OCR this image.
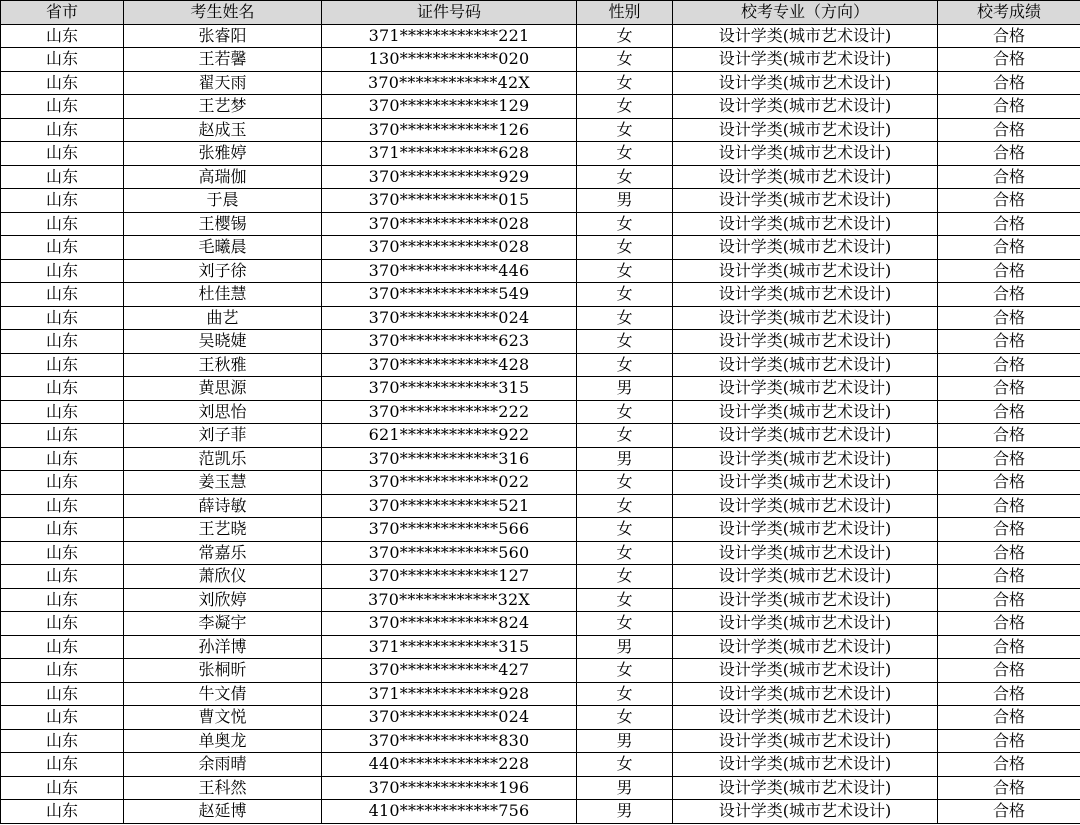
省市	考生姓名	证件号码	性别	校考专业（方向）	校考成绩
山东	张睿阳	371************221	女	设计学类(城市艺术设计)	合格
山东	王若馨	130************020	女	设计学类(城市艺术设计)	合格
山东	翟天雨	370************42X	女	设计学类(城市艺术设计)	合格
山东	王艺梦	370************129	女	设计学类(城市艺术设计)	合格
山东	赵成玉	370************126	女	设计学类(城市艺术设计)	合格
山东	张雅婷	371************628	女	设计学类(城市艺术设计)	合格
山东	高瑞伽	370************929	女	设计学类(城市艺术设计)	合格
山东	于晨	370************015	男	设计学类(城市艺术设计)	合格
山东	王樱锡	370************028	女	设计学类(城市艺术设计)	合格
山东	毛曦晨	370************028	女	设计学类(城市艺术设计)	合格
山东	刘子徐	370************446	女	设计学类(城市艺术设计)	合格
山东	杜佳慧	370************549	女	设计学类(城市艺术设计)	合格
山东	曲艺	370************024	女	设计学类(城市艺术设计)	合格
山东	吴晓婕	370************623	女	设计学类(城市艺术设计)	合格
山东	王秋雅	370************428	女	设计学类(城市艺术设计)	合格
山东	黄思源	370************315	男	设计学类(城市艺术设计)	合格
山东	刘思怡	370************222	女	设计学类(城市艺术设计)	合格
山东	刘子菲	621************922	女	设计学类(城市艺术设计)	合格
山东	范凯乐	370************316	男	设计学类(城市艺术设计)	合格
山东	姜玉慧	370************022	女	设计学类(城市艺术设计)	合格
山东	薛诗敏	370************521	女	设计学类(城市艺术设计)	合格
山东	王艺晓	370************566	女	设计学类(城市艺术设计)	合格
山东	常嘉乐	370************560	女	设计学类(城市艺术设计)	合格
山东	萧欣仪	370************127	女	设计学类(城市艺术设计)	合格
山东	刘欣婷	370************32X	女	设计学类(城市艺术设计)	合格
山东	李凝宇	370************824	女	设计学类(城市艺术设计)	合格
山东	孙洋博	371************315	男	设计学类(城市艺术设计)	合格
山东	张桐昕	370************427	女	设计学类(城市艺术设计)	合格
山东	牛文倩	371************928	女	设计学类(城市艺术设计)	合格
山东	曹文悦	370************024	女	设计学类(城市艺术设计)	合格
山东	单奥龙	370************830	男	设计学类(城市艺术设计)	合格
山东	余雨晴	440************228	女	设计学类(城市艺术设计)	合格
山东	王科然	370************196	男	设计学类(城市艺术设计)	合格
山东	赵延博	410************756	男	设计学类(城市艺术设计)	合格
